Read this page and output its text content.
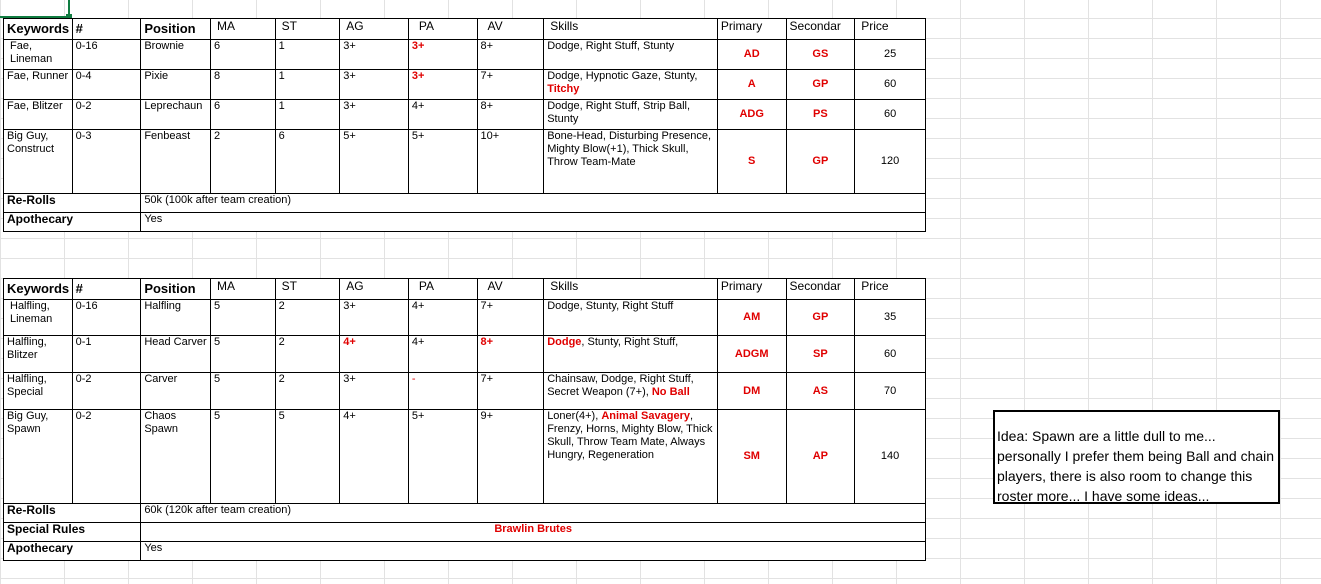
Keywords	#	Position	MA	ST	AG	PA	AV	Skills	Primary	Secondar	Price
Fae, Lineman	0-16	Brownie	6	1	3+	3+	8+	Dodge, Right Stuff, Stunty	AD	GS	25
Fae, Runner	0-4	Pixie	8	1	3+	3+	7+	Dodge, Hypnotic Gaze, Stunty, Titchy	A	GP	60
Fae, Blitzer	0-2	Leprechaun	6	1	3+	4+	8+	Dodge, Right Stuff, Strip Ball, Stunty	ADG	PS	60
Big Guy, Construct	0-3	Fenbeast	2	6	5+	5+	10+	Bone-Head, Disturbing Presence, Mighty Blow(+1), Thick Skull, Throw Team-Mate	S	GP	120
Re-Rolls		50k (100k after team creation)									
Apothecary		Yes									
Keywords	#	Position	MA	ST	AG	PA	AV	Skills	Primary	Secondar	Price
Halfling, Lineman	0-16	Halfling	5	2	3+	4+	7+	Dodge, Stunty, Right Stuff	AM	GP	35
Halfling, Blitzer	0-1	Head Carver	5	2	4+	4+	8+	Dodge, Stunty, Right Stuff,	ADGM	SP	60
Halfling, Special	0-2	Carver	5	2	3+	-	7+	Chainsaw, Dodge, Right Stuff, Secret Weapon (7+), No Ball	DM	AS	70
Big Guy, Spawn	0-2	Chaos Spawn	5	5	4+	5+	9+	Loner(4+), Animal Savagery, Frenzy, Horns, Mighty Blow, Thick Skull, Throw Team Mate, Always Hungry, Regeneration	SM	AP	140
Re-Rolls		60k (120k after team creation)									
Special Rules		Brawlin Brutes									
Apothecary		Yes									
Idea: Spawn are a little dull to me... personally I prefer them being Ball and chain players, there is also room to change this roster more... I have some ideas...
